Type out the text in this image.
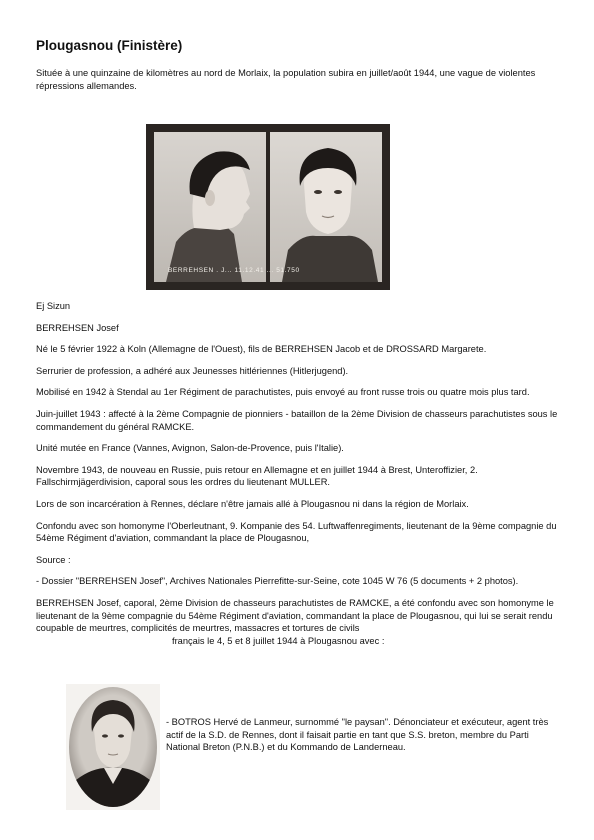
Plougasnou (Finistère)

Située à une quinzaine de kilomètres au nord de Morlaix, la population subira en juillet/août 1944, une vague de violentes répressions allemandes.

BERREHSEN . J... 11.12.41 ... 51.750

Ej Sizun

BERREHSEN Josef

Né le 5 février 1922 à Koln (Allemagne de l'Ouest), fils de BERREHSEN Jacob et de DROSSARD Margarete.

Serrurier de profession, a adhéré aux Jeunesses hitlériennes (Hitlerjugend).

Mobilisé en 1942 à Stendal au 1er Régiment de parachutistes, puis envoyé au front russe trois ou quatre mois plus tard.

Juin-juillet 1943 : affecté à la 2ème Compagnie de pionniers - bataillon de la 2ème Division de chasseurs parachutistes sous le commandement du général RAMCKE.

Unité mutée en France (Vannes, Avignon, Salon-de-Provence, puis l'Italie).

Novembre 1943, de nouveau en Russie, puis retour en Allemagne et en juillet 1944 à Brest, Unteroffizier, 2. Fallschirmjägerdivision, caporal sous les ordres du lieutenant MULLER.

Lors de son incarcération à Rennes, déclare n'être jamais allé à Plougasnou ni dans la région de Morlaix.

Confondu avec son homonyme l'Oberleutnant, 9. Kompanie des 54. Luftwaffenregiments, lieutenant de la 9ème compagnie du 54ème Régiment d'aviation, commandant la place de Plougasnou,

Source :

- Dossier "BERREHSEN Josef", Archives Nationales Pierrefitte-sur-Seine, cote 1045 W 76 (5 documents + 2 photos).

BERREHSEN Josef, caporal, 2ème Division de chasseurs parachutistes de RAMCKE, a été confondu avec son homonyme le lieutenant de la 9ème compagnie du 54ème Régiment d'aviation, commandant la place de Plougasnou, qui lui se serait rendu coupable de meurtres, complicités de meurtres, massacres et tortures de civils

français le 4, 5 et 8 juillet 1944 à Plougasnou avec :

- BOTROS Hervé de Lanmeur, surnommé "le paysan". Dénonciateur et exécuteur, agent très actif de la S.D. de Rennes, dont il faisait partie en tant que S.S. breton, membre du Parti National Breton (P.N.B.) et du Kommando de Landerneau.
